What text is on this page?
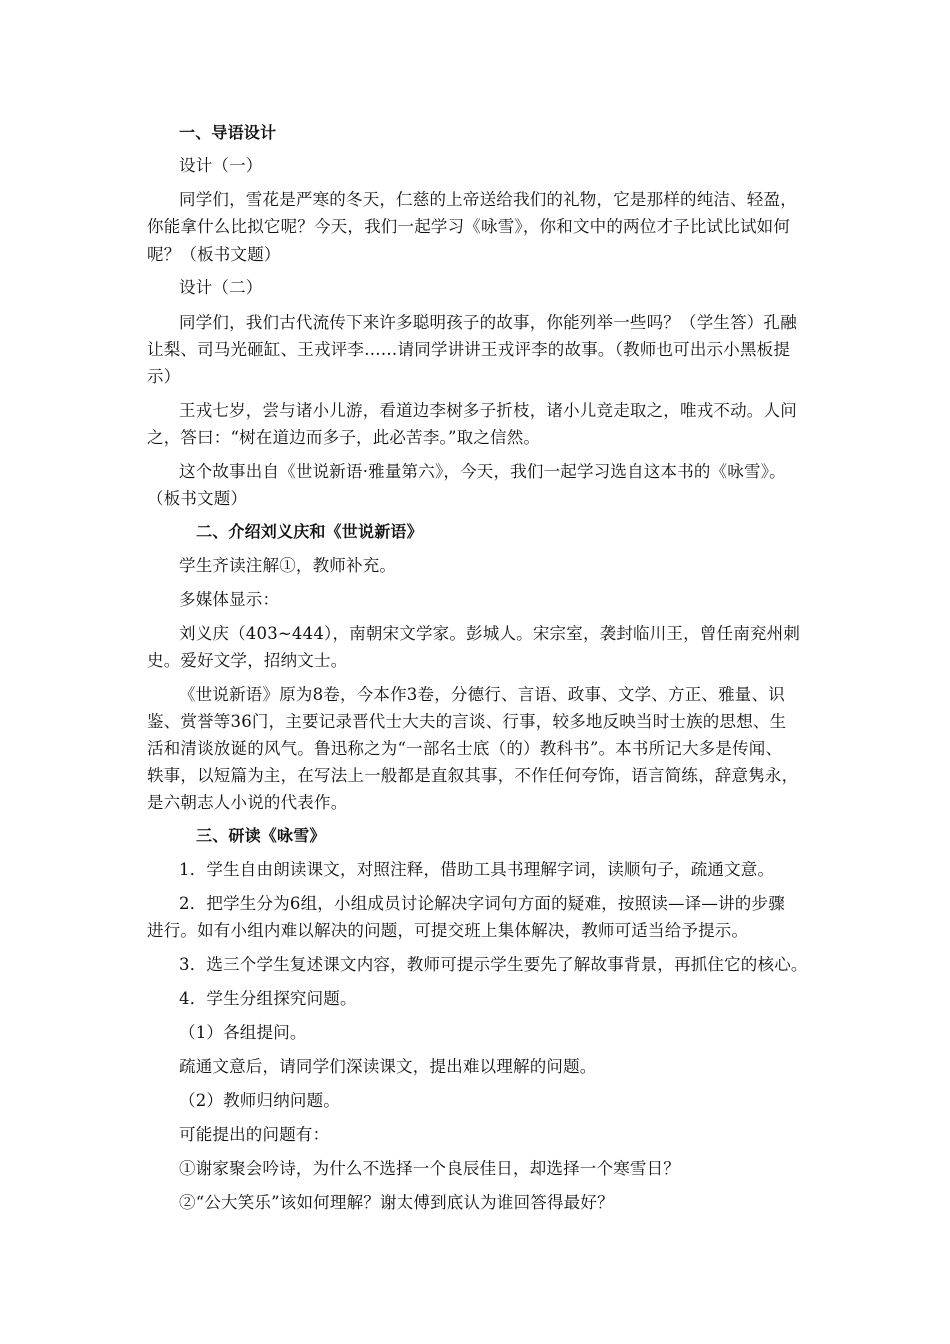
一、导语设计
设计（一）
同学们，雪花是严寒的冬天，仁慈的上帝送给我们的礼物，它是那样的纯洁、轻盈，
你能拿什么比拟它呢？今天，我们一起学习《咏雪》，你和文中的两位才子比试比试如何
呢？（板书文题）
设计（二）
同学们，我们古代流传下来许多聪明孩子的故事，你能列举一些吗？（学生答）孔融
让梨、司马光砸缸、王戎评李……请同学讲讲王戎评李的故事。（教师也可出示小黑板提
示）
王戎七岁，尝与诸小儿游，看道边李树多子折枝，诸小儿竞走取之，唯戎不动。人问
之，答曰：“树在道边而多子，此必苦李。”取之信然。
这个故事出自《世说新语·雅量第六》，今天，我们一起学习选自这本书的《咏雪》。
（板书文题）
二、介绍刘义庆和《世说新语》
学生齐读注解①，教师补充。
多媒体显示：
刘义庆（403~444），南朝宋文学家。彭城人。宋宗室，袭封临川王，曾任南兖州刺
史。爱好文学，招纳文士。
《世说新语》原为8卷，今本作3卷，分德行、言语、政事、文学、方正、雅量、识
鉴、赏誉等36门，主要记录晋代士大夫的言谈、行事，较多地反映当时士族的思想、生
活和清谈放诞的风气。鲁迅称之为“一部名士底（的）教科书”。本书所记大多是传闻、
轶事，以短篇为主，在写法上一般都是直叙其事，不作任何夸饰，语言简练，辞意隽永，
是六朝志人小说的代表作。
三、研读《咏雪》
1．学生自由朗读课文，对照注释，借助工具书理解字词，读顺句子，疏通文意。
2．把学生分为6组，小组成员讨论解决字词句方面的疑难，按照读—译—讲的步骤
进行。如有小组内难以解决的问题，可提交班上集体解决，教师可适当给予提示。
3．选三个学生复述课文内容，教师可提示学生要先了解故事背景，再抓住它的核心。
4．学生分组探究问题。
（1）各组提问。
疏通文意后，请同学们深读课文，提出难以理解的问题。
（2）教师归纳问题。
可能提出的问题有：
①谢家聚会吟诗，为什么不选择一个良辰佳日，却选择一个寒雪日？
②“公大笑乐”该如何理解？谢太傅到底认为谁回答得最好？
